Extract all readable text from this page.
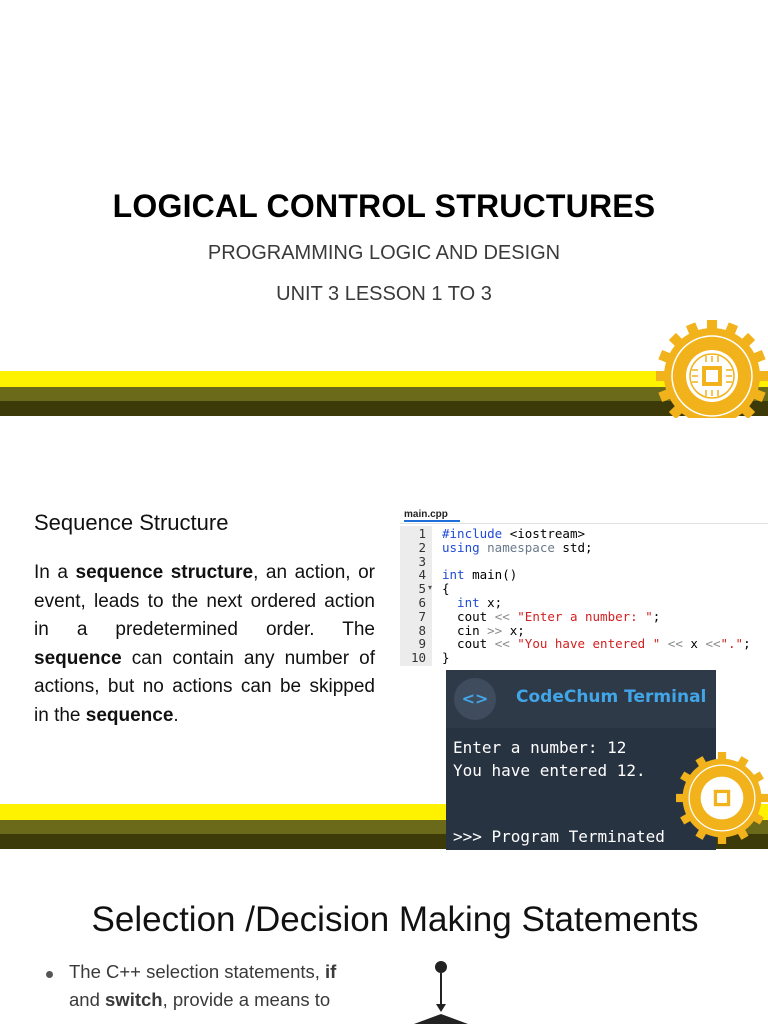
LOGICAL CONTROL STRUCTURES
PROGRAMMING LOGIC AND DESIGN
UNIT 3 LESSON 1 TO 3
Sequence Structure
In a sequence structure, an action, or event, leads to the next ordered action in a predetermined order. The sequence can contain any number of actions, but no actions can be skipped in the sequence.
main.cpp
1
2
3
4
5
6
7
8
9
10
▾
#include <iostream>
using namespace std;
int main()
{
int x;
cout << "Enter a number: ";
cin >> x;
cout << "You have entered " << x <<".";
}
<>	CodeChum Terminal
Enter a number: 12
You have entered 12.
>>> Program Terminated
Selection /Decision Making Statements
The C++ selection statements, if and switch, provide a means to
